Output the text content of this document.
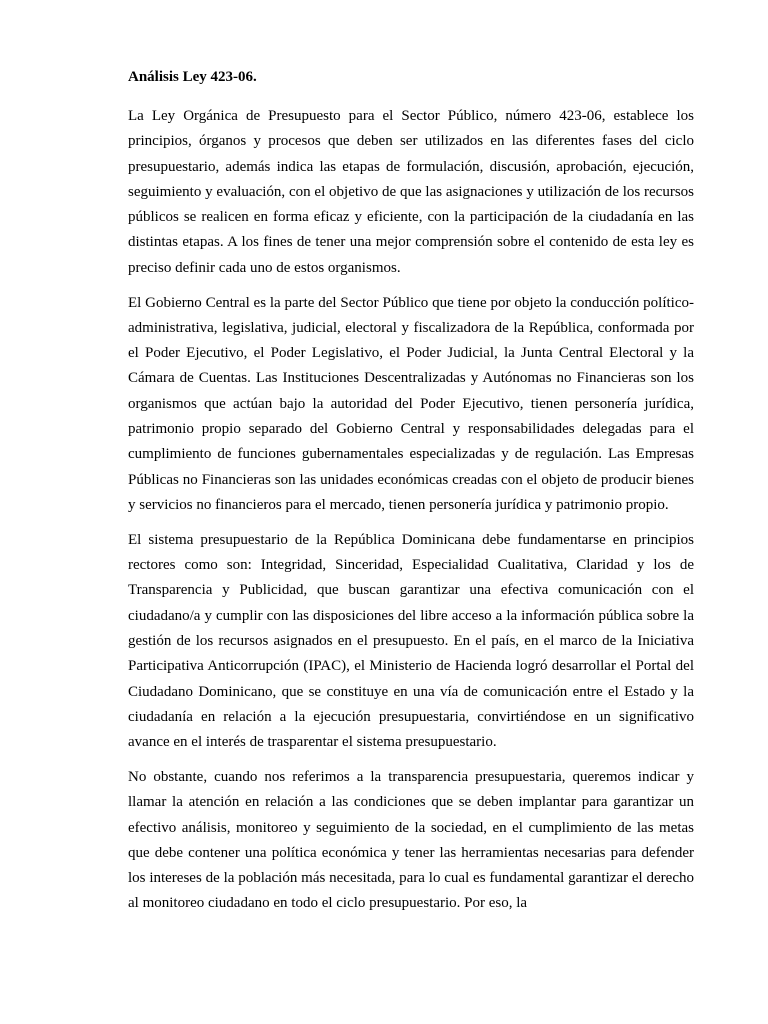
Análisis Ley 423-06.

La Ley Orgánica de Presupuesto para el Sector Público, número 423-06, establece los principios, órganos y procesos que deben ser utilizados en las diferentes fases del ciclo presupuestario, además indica las etapas de formulación, discusión, aprobación, ejecución, seguimiento y evaluación, con el objetivo de que las asignaciones y utilización de los recursos públicos se realicen en forma eficaz y eficiente, con la participación de la ciudadanía en las distintas etapas. A los fines de tener una mejor comprensión sobre el contenido de esta ley es preciso definir cada uno de estos organismos.

El Gobierno Central es la parte del Sector Público que tiene por objeto la conducción político-administrativa, legislativa, judicial, electoral y fiscalizadora de la República, conformada por el Poder Ejecutivo, el Poder Legislativo, el Poder Judicial, la Junta Central Electoral y la Cámara de Cuentas. Las Instituciones Descentralizadas y Autónomas no Financieras son los organismos que actúan bajo la autoridad del Poder Ejecutivo, tienen personería jurídica, patrimonio propio separado del Gobierno Central y responsabilidades delegadas para el cumplimiento de funciones gubernamentales especializadas y de regulación. Las Empresas Públicas no Financieras son las unidades económicas creadas con el objeto de producir bienes y servicios no financieros para el mercado, tienen personería jurídica y patrimonio propio.

El sistema presupuestario de la República Dominicana debe fundamentarse en principios rectores como son: Integridad, Sinceridad, Especialidad Cualitativa, Claridad y los de Transparencia y Publicidad, que buscan garantizar una efectiva comunicación con el ciudadano/a y cumplir con las disposiciones del libre acceso a la información pública sobre la gestión de los recursos asignados en el presupuesto. En el país, en el marco de la Iniciativa Participativa Anticorrupción (IPAC), el Ministerio de Hacienda logró desarrollar el Portal del Ciudadano Dominicano, que se constituye en una vía de comunicación entre el Estado y la ciudadanía en relación a la ejecución presupuestaria, convirtiéndose en un significativo avance en el interés de trasparentar el sistema presupuestario.

No obstante, cuando nos referimos a la transparencia presupuestaria, queremos indicar y llamar la atención en relación a las condiciones que se deben implantar para garantizar un efectivo análisis, monitoreo y seguimiento de la sociedad, en el cumplimiento de las metas que debe contener una política económica y tener las herramientas necesarias para defender los intereses de la población más necesitada, para lo cual es fundamental garantizar el derecho al monitoreo ciudadano en todo el ciclo presupuestario. Por eso, la
